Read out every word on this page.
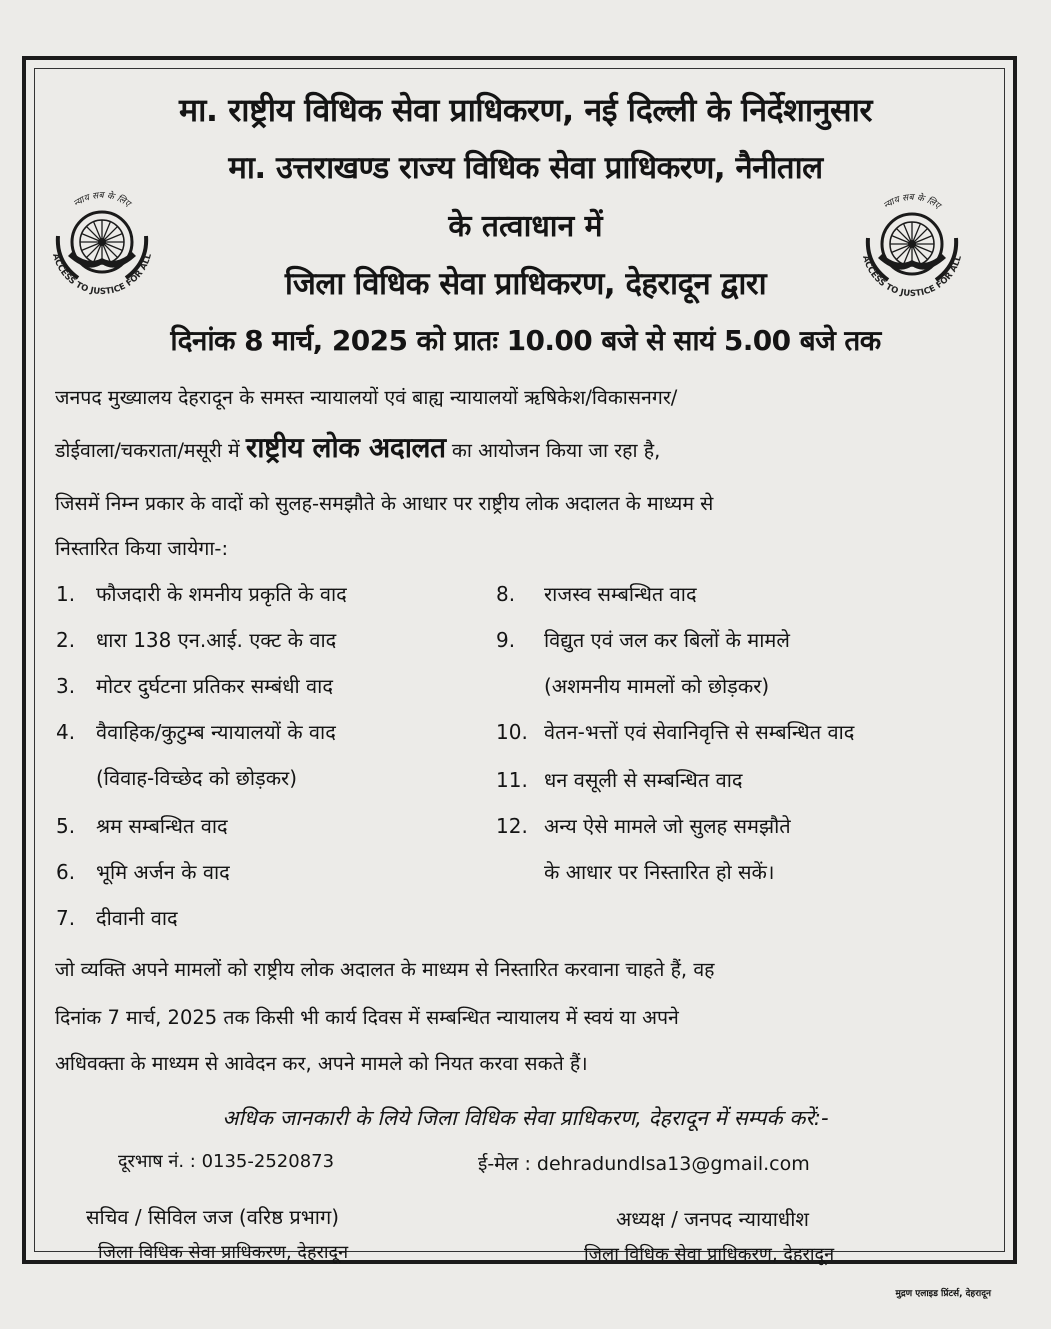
न्याय सब के लिए
ACCESS TO JUSTICE FOR ALL
न्याय सब के लिए
ACCESS TO JUSTICE FOR ALL
मा. राष्ट्रीय विधिक सेवा प्राधिकरण, नई दिल्ली के निर्देशानुसार
मा. उत्तराखण्ड राज्य विधिक सेवा प्राधिकरण, नैनीताल
के तत्वाधान में
जिला विधिक सेवा प्राधिकरण, देहरादून द्वारा
दिनांक 8 मार्च, 2025 को प्रातः 10.00 बजे से सायं 5.00 बजे तक
जनपद मुख्यालय देहरादून के समस्त न्यायालयों एवं बाह्य न्यायालयों ऋषिकेश/विकासनगर/
डोईवाला/चकराता/मसूरी में राष्ट्रीय लोक अदालत का आयोजन किया जा रहा है,
जिसमें निम्न प्रकार के वादों को सुलह-समझौते के आधार पर राष्ट्रीय लोक अदालत के माध्यम से
निस्तारित किया जायेगा-:
1. फौजदारी के शमनीय प्रकृति के वाद
2. धारा 138 एन.आई. एक्ट के वाद
3. मोटर दुर्घटना प्रतिकर सम्बंधी वाद
4. वैवाहिक/कुटुम्ब न्यायालयों के वाद
(विवाह-विच्छेद को छोड़कर)
5. श्रम सम्बन्धित वाद
6. भूमि अर्जन के वाद
7. दीवानी वाद
8. राजस्व सम्बन्धित वाद
9. विद्युत एवं जल कर बिलों के मामले
(अशमनीय मामलों को छोड़कर)
10. वेतन-भत्तों एवं सेवानिवृत्ति से सम्बन्धित वाद
11. धन वसूली से सम्बन्धित वाद
12. अन्य ऐसे मामले जो सुलह समझौते
के आधार पर निस्तारित हो सकें।
जो व्यक्ति अपने मामलों को राष्ट्रीय लोक अदालत के माध्यम से निस्तारित करवाना चाहते हैं, वह
दिनांक 7 मार्च, 2025 तक किसी भी कार्य दिवस में सम्बन्धित न्यायालय में स्वयं या अपने
अधिवक्ता के माध्यम से आवेदन कर, अपने मामले को नियत करवा सकते हैं।
अधिक जानकारी के लिये जिला विधिक सेवा प्राधिकरण, देहरादून में सम्पर्क करें:-
दूरभाष नं. : 0135-2520873	ई-मेल : dehradundlsa13@gmail.com
सचिव / सिविल जज (वरिष्ठ प्रभाग)
जिला विधिक सेवा प्राधिकरण, देहरादून
अध्यक्ष / जनपद न्यायाधीश
जिला विधिक सेवा प्राधिकरण, देहरादून
मुद्रण एलाइड प्रिंटर्स, देहरादून
